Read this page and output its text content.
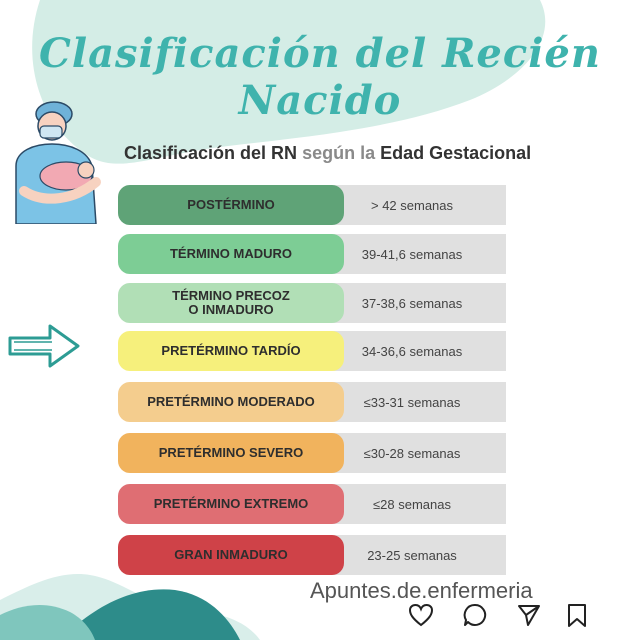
Clasificación del Recién Nacido
Clasificación del RN según la Edad Gestacional
> 42 semanas
POSTÉRMINO
39-41,6 semanas
TÉRMINO MADURO
37-38,6 semanas
TÉRMINO PRECOZ
O INMADURO
34-36,6 semanas
PRETÉRMINO TARDÍO
≤33-31 semanas
PRETÉRMINO MODERADO
≤30-28 semanas
PRETÉRMINO SEVERO
≤28 semanas
PRETÉRMINO EXTREMO
23-25 semanas
GRAN INMADURO
Apuntes.de.enfermeria
